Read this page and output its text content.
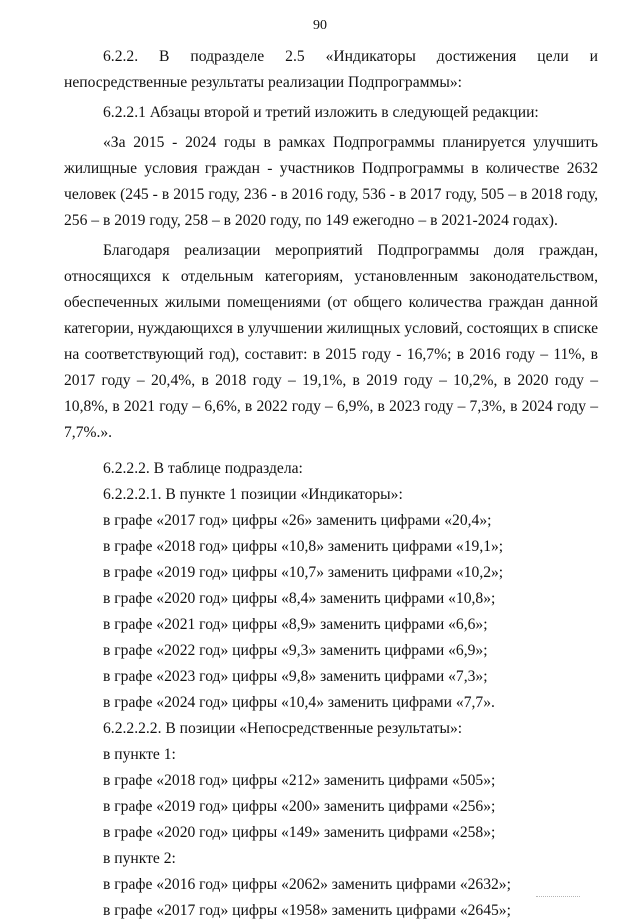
90

6.2.2. В подразделе 2.5 «Индикаторы достижения цели и непосредственные результаты реализации Подпрограммы»:

6.2.2.1 Абзацы второй и третий изложить в следующей редакции:

«За 2015 - 2024 годы в рамках Подпрограммы планируется улучшить жилищные условия граждан - участников Подпрограммы в количестве 2632 человек (245 - в 2015 году, 236 - в 2016 году, 536 - в 2017 году, 505 – в 2018 году, 256 – в 2019 году, 258 – в 2020 году, по 149 ежегодно – в 2021-2024 годах).

Благодаря реализации мероприятий Подпрограммы доля граждан, относящихся к отдельным категориям, установленным законодательством, обеспеченных жилыми помещениями (от общего количества граждан данной категории, нуждающихся в улучшении жилищных условий, состоящих в списке на соответствующий год), составит: в 2015 году - 16,7%; в 2016 году – 11%, в 2017 году – 20,4%, в 2018 году – 19,1%, в 2019 году – 10,2%, в 2020 году – 10,8%, в 2021 году – 6,6%, в 2022 году – 6,9%, в 2023 году – 7,3%, в 2024 году – 7,7%.».

6.2.2.2. В таблице подраздела:

6.2.2.2.1. В пункте 1 позиции «Индикаторы»:

в графе «2017 год» цифры «26» заменить цифрами «20,4»;

в графе «2018 год» цифры «10,8» заменить цифрами «19,1»;

в графе «2019 год» цифры «10,7» заменить цифрами «10,2»;

в графе «2020 год» цифры «8,4» заменить цифрами «10,8»;

в графе «2021 год» цифры «8,9» заменить цифрами «6,6»;

в графе «2022 год» цифры «9,3» заменить цифрами «6,9»;

в графе «2023 год» цифры «9,8» заменить цифрами «7,3»;

в графе «2024 год» цифры «10,4» заменить цифрами «7,7».

6.2.2.2.2. В позиции «Непосредственные результаты»:

в пункте 1:

в графе «2018 год» цифры «212» заменить цифрами «505»;

в графе «2019 год» цифры «200» заменить цифрами «256»;

в графе «2020 год» цифры «149» заменить цифрами «258»;

в пункте 2:

в графе «2016 год» цифры «2062» заменить цифрами «2632»;

в графе «2017 год» цифры «1958» заменить цифрами «2645»;
